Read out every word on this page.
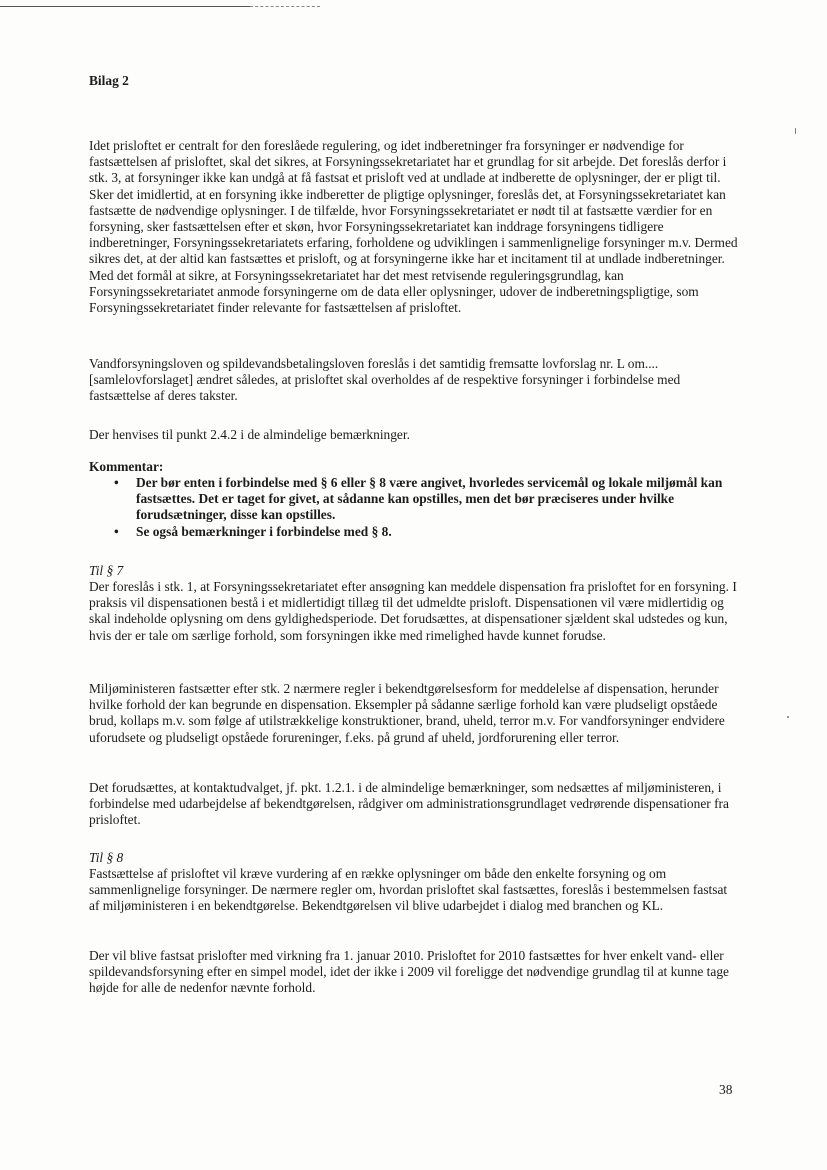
Bilag 2

Idet prisloftet er centralt for den foreslåede regulering, og idet indberetninger fra forsyninger er nødvendige for fastsættelsen af prisloftet, skal det sikres, at Forsyningssekretariatet har et grundlag for sit arbejde. Det foreslås derfor i stk. 3, at forsyninger ikke kan undgå at få fastsat et prisloft ved at undlade at indberette de oplysninger, der er pligt til. Sker det imidlertid, at en forsyning ikke indberetter de pligtige oplysninger, foreslås det, at Forsyningssekretariatet kan fastsætte de nødvendige oplysninger. I de tilfælde, hvor Forsyningssekretariatet er nødt til at fastsætte værdier for en forsyning, sker fastsættelsen efter et skøn, hvor Forsyningssekretariatet kan inddrage forsyningens tidligere indberetninger, Forsyningssekretariatets erfaring, forholdene og udviklingen i sammenlignelige forsyninger m.v. Dermed sikres det, at der altid kan fastsættes et prisloft, og at forsyningerne ikke har et incitament til at undlade indberetninger. Med det formål at sikre, at Forsyningssekretariatet har det mest retvisende reguleringsgrundlag, kan Forsyningssekretariatet anmode forsyningerne om de data eller oplysninger, udover de indberetningspligtige, som Forsyningssekretariatet finder relevante for fastsættelsen af prisloftet.

Vandforsyningsloven og spildevandsbetalingsloven foreslås i det samtidig fremsatte lovforslag nr. L om....[samlelovforslaget] ændret således, at prisloftet skal overholdes af de respektive forsyninger i forbindelse med fastsættelse af deres takster.

Der henvises til punkt 2.4.2 i de almindelige bemærkninger.

Kommentar:
• Der bør enten i forbindelse med § 6 eller § 8 være angivet, hvorledes servicemål og lokale miljømål kan fastsættes. Det er taget for givet, at sådanne kan opstilles, men det bør præciseres under hvilke forudsætninger, disse kan opstilles.
• Se også bemærkninger i forbindelse med § 8.
Til § 7

Der foreslås i stk. 1, at Forsyningssekretariatet efter ansøgning kan meddele dispensation fra prisloftet for en forsyning. I praksis vil dispensationen bestå i et midlertidigt tillæg til det udmeldte prisloft. Dispensationen vil være midlertidig og skal indeholde oplysning om dens gyldighedsperiode. Det forudsættes, at dispensationer sjældent skal udstedes og kun, hvis der er tale om særlige forhold, som forsyningen ikke med rimelighed havde kunnet forudse.

Miljøministeren fastsætter efter stk. 2 nærmere regler i bekendtgørelsesform for meddelelse af dispensation, herunder hvilke forhold der kan begrunde en dispensation. Eksempler på sådanne særlige forhold kan være pludseligt opståede brud, kollaps m.v. som følge af utilstrækkelige konstruktioner, brand, uheld, terror m.v. For vandforsyninger endvidere uforudsete og pludseligt opståede forureninger, f.eks. på grund af uheld, jordforurening eller terror.

Det forudsættes, at kontaktudvalget, jf. pkt. 1.2.1. i de almindelige bemærkninger, som nedsættes af miljøministeren, i forbindelse med udarbejdelse af bekendtgørelsen, rådgiver om administrationsgrundlaget vedrørende dispensationer fra prisloftet.

Til § 8

Fastsættelse af prisloftet vil kræve vurdering af en række oplysninger om både den enkelte forsyning og om sammenlignelige forsyninger. De nærmere regler om, hvordan prisloftet skal fastsættes, foreslås i bestemmelsen fastsat af miljøministeren i en bekendtgørelse. Bekendtgørelsen vil blive udarbejdet i dialog med branchen og KL.

Der vil blive fastsat prislofter med virkning fra 1. januar 2010. Prisloftet for 2010 fastsættes for hver enkelt vand- eller spildevandsforsyning efter en simpel model, idet der ikke i 2009 vil foreligge det nødvendige grundlag til at kunne tage højde for alle de nedenfor nævnte forhold.

38
